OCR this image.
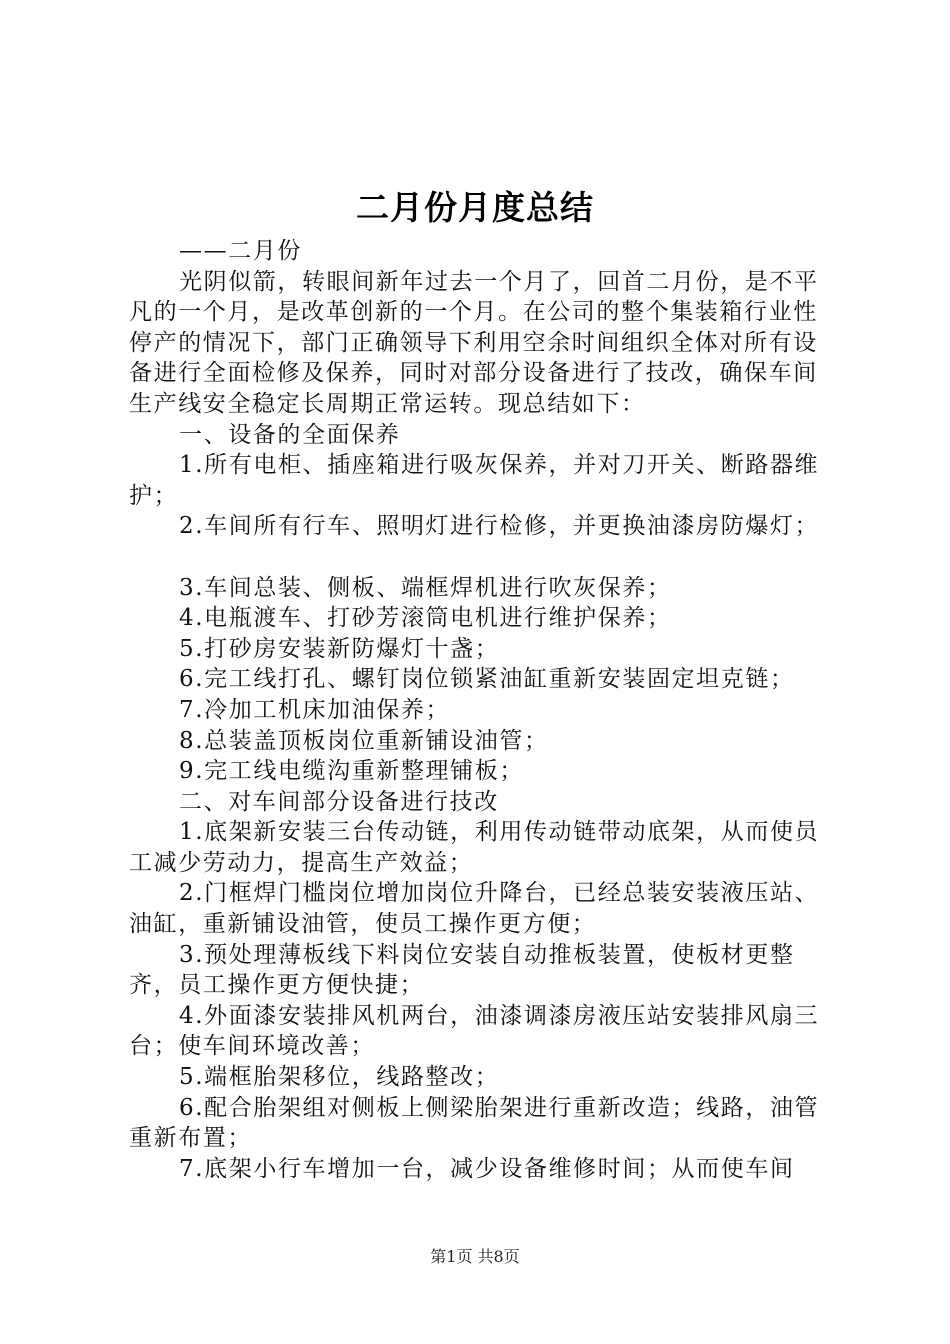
二月份月度总结

——二月份

光阴似箭，转眼间新年过去一个月了，回首二月份，是不平凡的一个月，是改革创新的一个月。在公司的整个集装箱行业性停产的情况下，部门正确领导下利用空余时间组织全体对所有设备进行全面检修及保养，同时对部分设备进行了技改，确保车间生产线安全稳定长周期正常运转。现总结如下：

一、设备的全面保养

1.所有电柜、插座箱进行吸灰保养，并对刀开关、断路器维护；

2.车间所有行车、照明灯进行检修，并更换油漆房防爆灯；

3.车间总装、侧板、端框焊机进行吹灰保养；

4.电瓶渡车、打砂芳滚筒电机进行维护保养；

5.打砂房安装新防爆灯十盏；

6.完工线打孔、螺钉岗位锁紧油缸重新安装固定坦克链；

7.冷加工机床加油保养；

8.总装盖顶板岗位重新铺设油管；

9.完工线电缆沟重新整理铺板；

二、对车间部分设备进行技改

1.底架新安装三台传动链，利用传动链带动底架，从而使员工减少劳动力，提高生产效益；

2.门框焊门槛岗位增加岗位升降台，已经总装安装液压站、油缸，重新铺设油管，使员工操作更方便；

3.预处理薄板线下料岗位安装自动推板装置，使板材更整齐，员工操作更方便快捷；

4.外面漆安装排风机两台，油漆调漆房液压站安装排风扇三台；使车间环境改善；

5.端框胎架移位，线路整改；

6.配合胎架组对侧板上侧梁胎架进行重新改造；线路，油管重新布置；

7.底架小行车增加一台，减少设备维修时间；从而使车间

第1页 共8页
